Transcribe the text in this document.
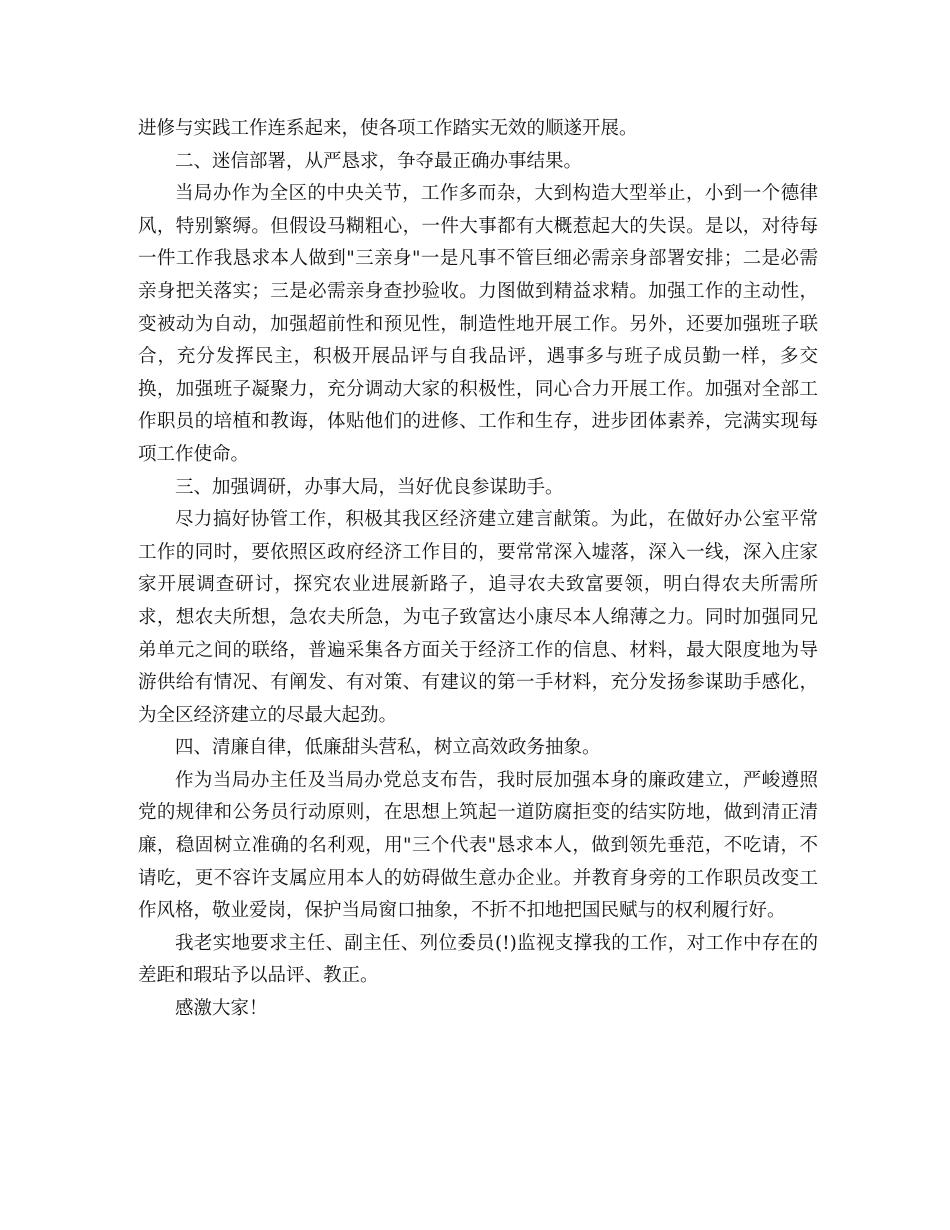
进修与实践工作连系起来，使各项工作踏实无效的顺遂开展。

二、迷信部署，从严恳求，争夺最正确办事结果。

当局办作为全区的中央关节，工作多而杂，大到构造大型举止，小到一个德律风，特别繁缛。但假设马糊粗心，一件大事都有大概惹起大的失误。是以，对待每一件工作我恳求本人做到"三亲身"一是凡事不管巨细必需亲身部署安排；二是必需亲身把关落实；三是必需亲身查抄验收。力图做到精益求精。加强工作的主动性，变被动为自动，加强超前性和预见性，制造性地开展工作。另外，还要加强班子联合，充分发挥民主，积极开展品评与自我品评，遇事多与班子成员勤一样，多交换，加强班子凝聚力，充分调动大家的积极性，同心合力开展工作。加强对全部工作职员的培植和教诲，体贴他们的进修、工作和生存，进步团体素养，完满实现每项工作使命。

三、加强调研，办事大局，当好优良参谋助手。

尽力搞好协管工作，积极其我区经济建立建言献策。为此，在做好办公室平常工作的同时，要依照区政府经济工作目的，要常常深入墟落，深入一线，深入庄家家开展调查研讨，探究农业进展新路子，追寻农夫致富要领，明白得农夫所需所求，想农夫所想，急农夫所急，为屯子致富达小康尽本人绵薄之力。同时加强同兄弟单元之间的联络，普遍采集各方面关于经济工作的信息、材料，最大限度地为导游供给有情况、有阐发、有对策、有建议的第一手材料，充分发扬参谋助手感化，为全区经济建立的尽最大起劲。

四、清廉自律，低廉甜头营私，树立高效政务抽象。

作为当局办主任及当局办党总支布告，我时辰加强本身的廉政建立，严峻遵照党的规律和公务员行动原则，在思想上筑起一道防腐拒变的结实防地，做到清正清廉，稳固树立准确的名利观，用"三个代表"恳求本人，做到领先垂范，不吃请，不请吃，更不容许支属应用本人的妨碍做生意办企业。并教育身旁的工作职员改变工作风格，敬业爱岗，保护当局窗口抽象，不折不扣地把国民赋与的权利履行好。

我老实地要求主任、副主任、列位委员(!)监视支撑我的工作，对工作中存在的差距和瑕玷予以品评、教正。

感激大家！
